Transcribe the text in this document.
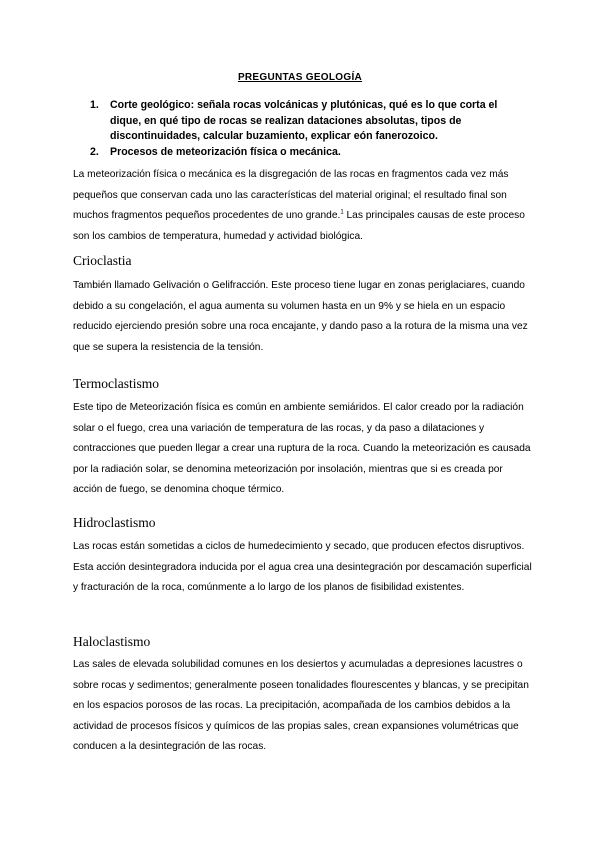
PREGUNTAS GEOLOGÍA
1. Corte geológico: señala rocas volcánicas y plutónicas, qué es lo que corta el dique, en qué tipo de rocas se realizan dataciones absolutas, tipos de discontinuidades, calcular buzamiento, explicar eón fanerozoico.
2. Procesos de meteorización física o mecánica.

La meteorización física o mecánica es la disgregación de las rocas en fragmentos cada vez más pequeños que conservan cada uno las características del material original; el resultado final son muchos fragmentos pequeños procedentes de uno grande.$^1$ Las principales causas de este proceso son los cambios de temperatura, humedad y actividad biológica.

Crioclastia

También llamado Gelivación o Gelifracción. Este proceso tiene lugar en zonas periglaciares, cuando debido a su congelación, el agua aumenta su volumen hasta en un 9% y se hiela en un espacio reducido ejerciendo presión sobre una roca encajante, y dando paso a la rotura de la misma una vez que se supera la resistencia de la tensión.

Termoclastismo

Este tipo de Meteorización física es común en ambiente semiáridos. El calor creado por la radiación solar o el fuego, crea una variación de temperatura de las rocas, y da paso a dilataciones y contracciones que pueden llegar a crear una ruptura de la roca. Cuando la meteorización es causada por la radiación solar, se denomina meteorización por insolación, mientras que si es creada por acción de fuego, se denomina choque térmico.

Hidroclastismo

Las rocas están sometidas a ciclos de humedecimiento y secado, que producen efectos disruptivos. Esta acción desintegradora inducida por el agua crea una desintegración por descamación superficial y fracturación de la roca, comúnmente a lo largo de los planos de fisibilidad existentes.

Haloclastismo

Las sales de elevada solubilidad comunes en los desiertos y acumuladas a depresiones lacustres o sobre rocas y sedimentos; generalmente poseen tonalidades flourescentes y blancas, y se precipitan en los espacios porosos de las rocas. La precipitación, acompañada de los cambios debidos a la actividad de procesos físicos y químicos de las propias sales, crean expansiones volumétricas que conducen a la desintegración de las rocas.
